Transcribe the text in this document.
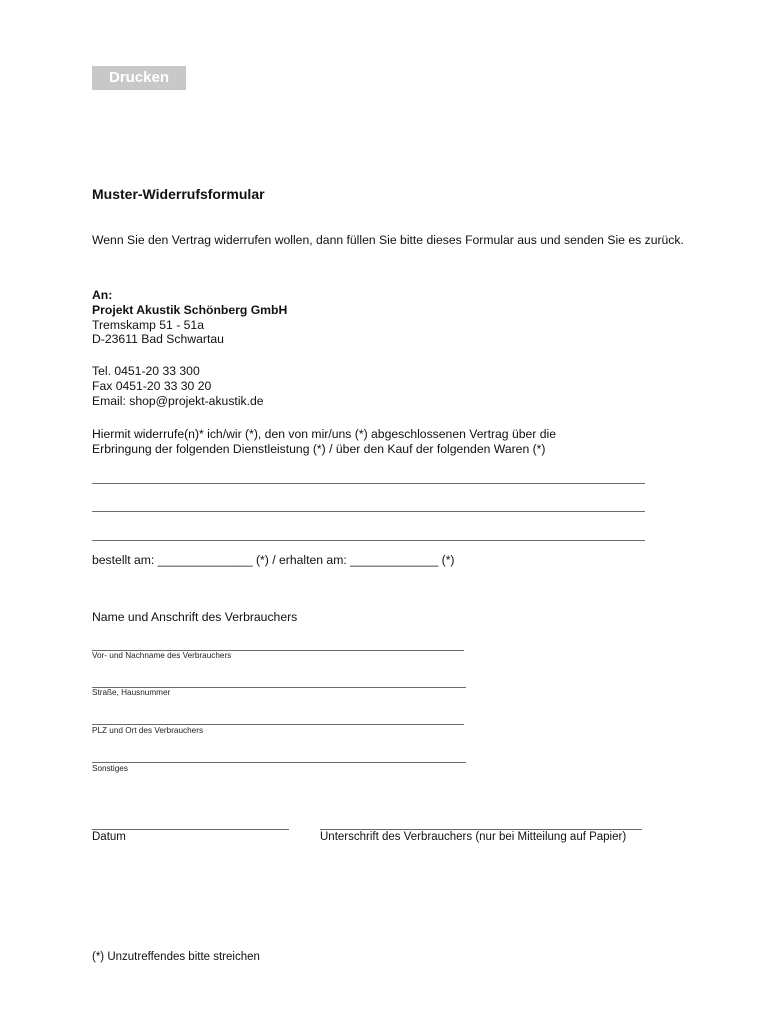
Drucken

Muster-Widerrufsformular

Wenn Sie den Vertrag widerrufen wollen, dann füllen Sie bitte dieses Formular aus und senden Sie es zurück.

An:
Projekt Akustik Schönberg GmbH
Tremskamp 51 - 51a
D-23611 Bad Schwartau
Tel. 0451-20 33 300
Fax 0451-20 33 30 20
Email: shop@projekt-akustik.de
Hiermit widerrufe(n)* ich/wir (*), den von mir/uns (*) abgeschlossenen Vertrag über die
Erbringung der folgenden Dienstleistung (*) / über den Kauf der folgenden Waren (*)

bestellt am: ______________ (*) / erhalten am: _____________ (*)

Name und Anschrift des Verbrauchers

Vor- und Nachname des Verbrauchers

Straße, Hausnummer

PLZ und Ort des Verbrauchers

Sonstiges

Datum	Unterschrift des Verbrauchers (nur bei Mitteilung auf Papier)

(*) Unzutreffendes bitte streichen
